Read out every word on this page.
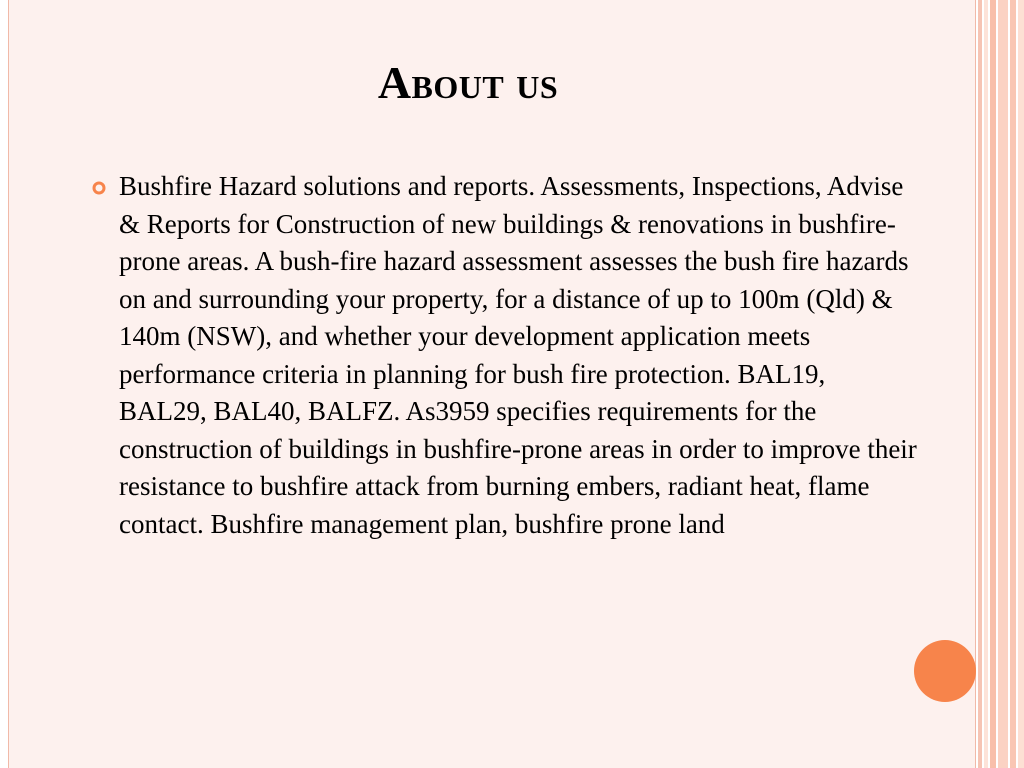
About us

Bushfire Hazard solutions and reports. Assessments, Inspections, Advise & Reports for Construction of new buildings & renovations in bushfire-prone areas. A bush-fire hazard assessment assesses the bush fire hazards on and surrounding your property, for a distance of up to 100m (Qld) & 140m (NSW), and whether your development application meets performance criteria in planning for bush fire protection. BAL19, BAL29, BAL40, BALFZ. As3959 specifies requirements for the construction of buildings in bushfire-prone areas in order to improve their resistance to bushfire attack from burning embers, radiant heat, flame contact. Bushfire management plan, bushfire prone land
